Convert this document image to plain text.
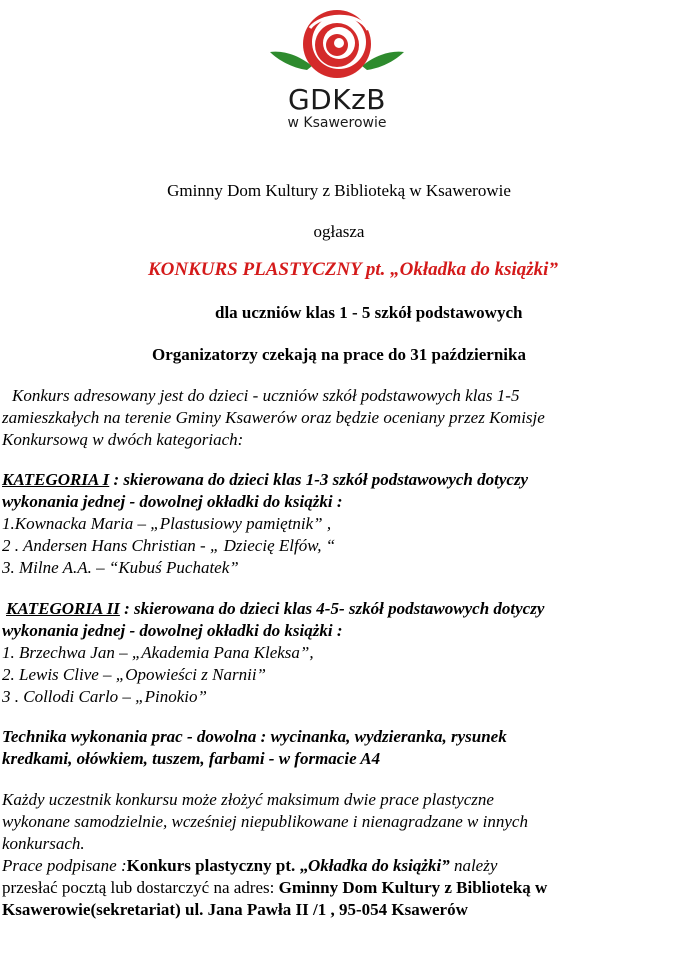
GDKzB
w Ksawerowie
Gminny Dom Kultury z Biblioteką w Ksawerowie
ogłasza
KONKURS PLASTYCZNY pt. „Okładka do książki”
dla uczniów klas 1 - 5 szkół podstawowych
Organizatorzy czekają na prace do 31 października
Konkurs adresowany jest do dzieci - uczniów szkół podstawowych klas 1-5
zamieszkałych na terenie Gminy Ksawerów oraz będzie oceniany przez Komisje
Konkursową w dwóch kategoriach:
KATEGORIA I : skierowana do dzieci klas 1-3 szkół podstawowych dotyczy
wykonania jednej - dowolnej okładki do książki :
1.Kownacka Maria – „Plastusiowy pamiętnik” ,
2 . Andersen Hans Christian - „ Dziecię Elfów, “
3. Milne A.A. – “Kubuś Puchatek”
KATEGORIA II : skierowana do dzieci klas 4-5- szkół podstawowych dotyczy
wykonania jednej - dowolnej okładki do książki :
1. Brzechwa Jan – „Akademia Pana Kleksa”,
2. Lewis Clive – „Opowieści z Narnii”
3 . Collodi Carlo – „Pinokio”
Technika wykonania prac - dowolna : wycinanka, wydzieranka, rysunek
kredkami, ołówkiem, tuszem, farbami - w formacie A4
Każdy uczestnik konkursu może złożyć maksimum dwie prace plastyczne
wykonane samodzielnie, wcześniej niepublikowane i nienagradzane w innych
konkursach.
Prace podpisane :Konkurs plastyczny pt. „Okładka do książki” należy
przesłać pocztą lub dostarczyć na adres: Gminny Dom Kultury z Biblioteką w
Ksawerowie(sekretariat) ul. Jana Pawła II /1 , 95-054 Ksawerów
